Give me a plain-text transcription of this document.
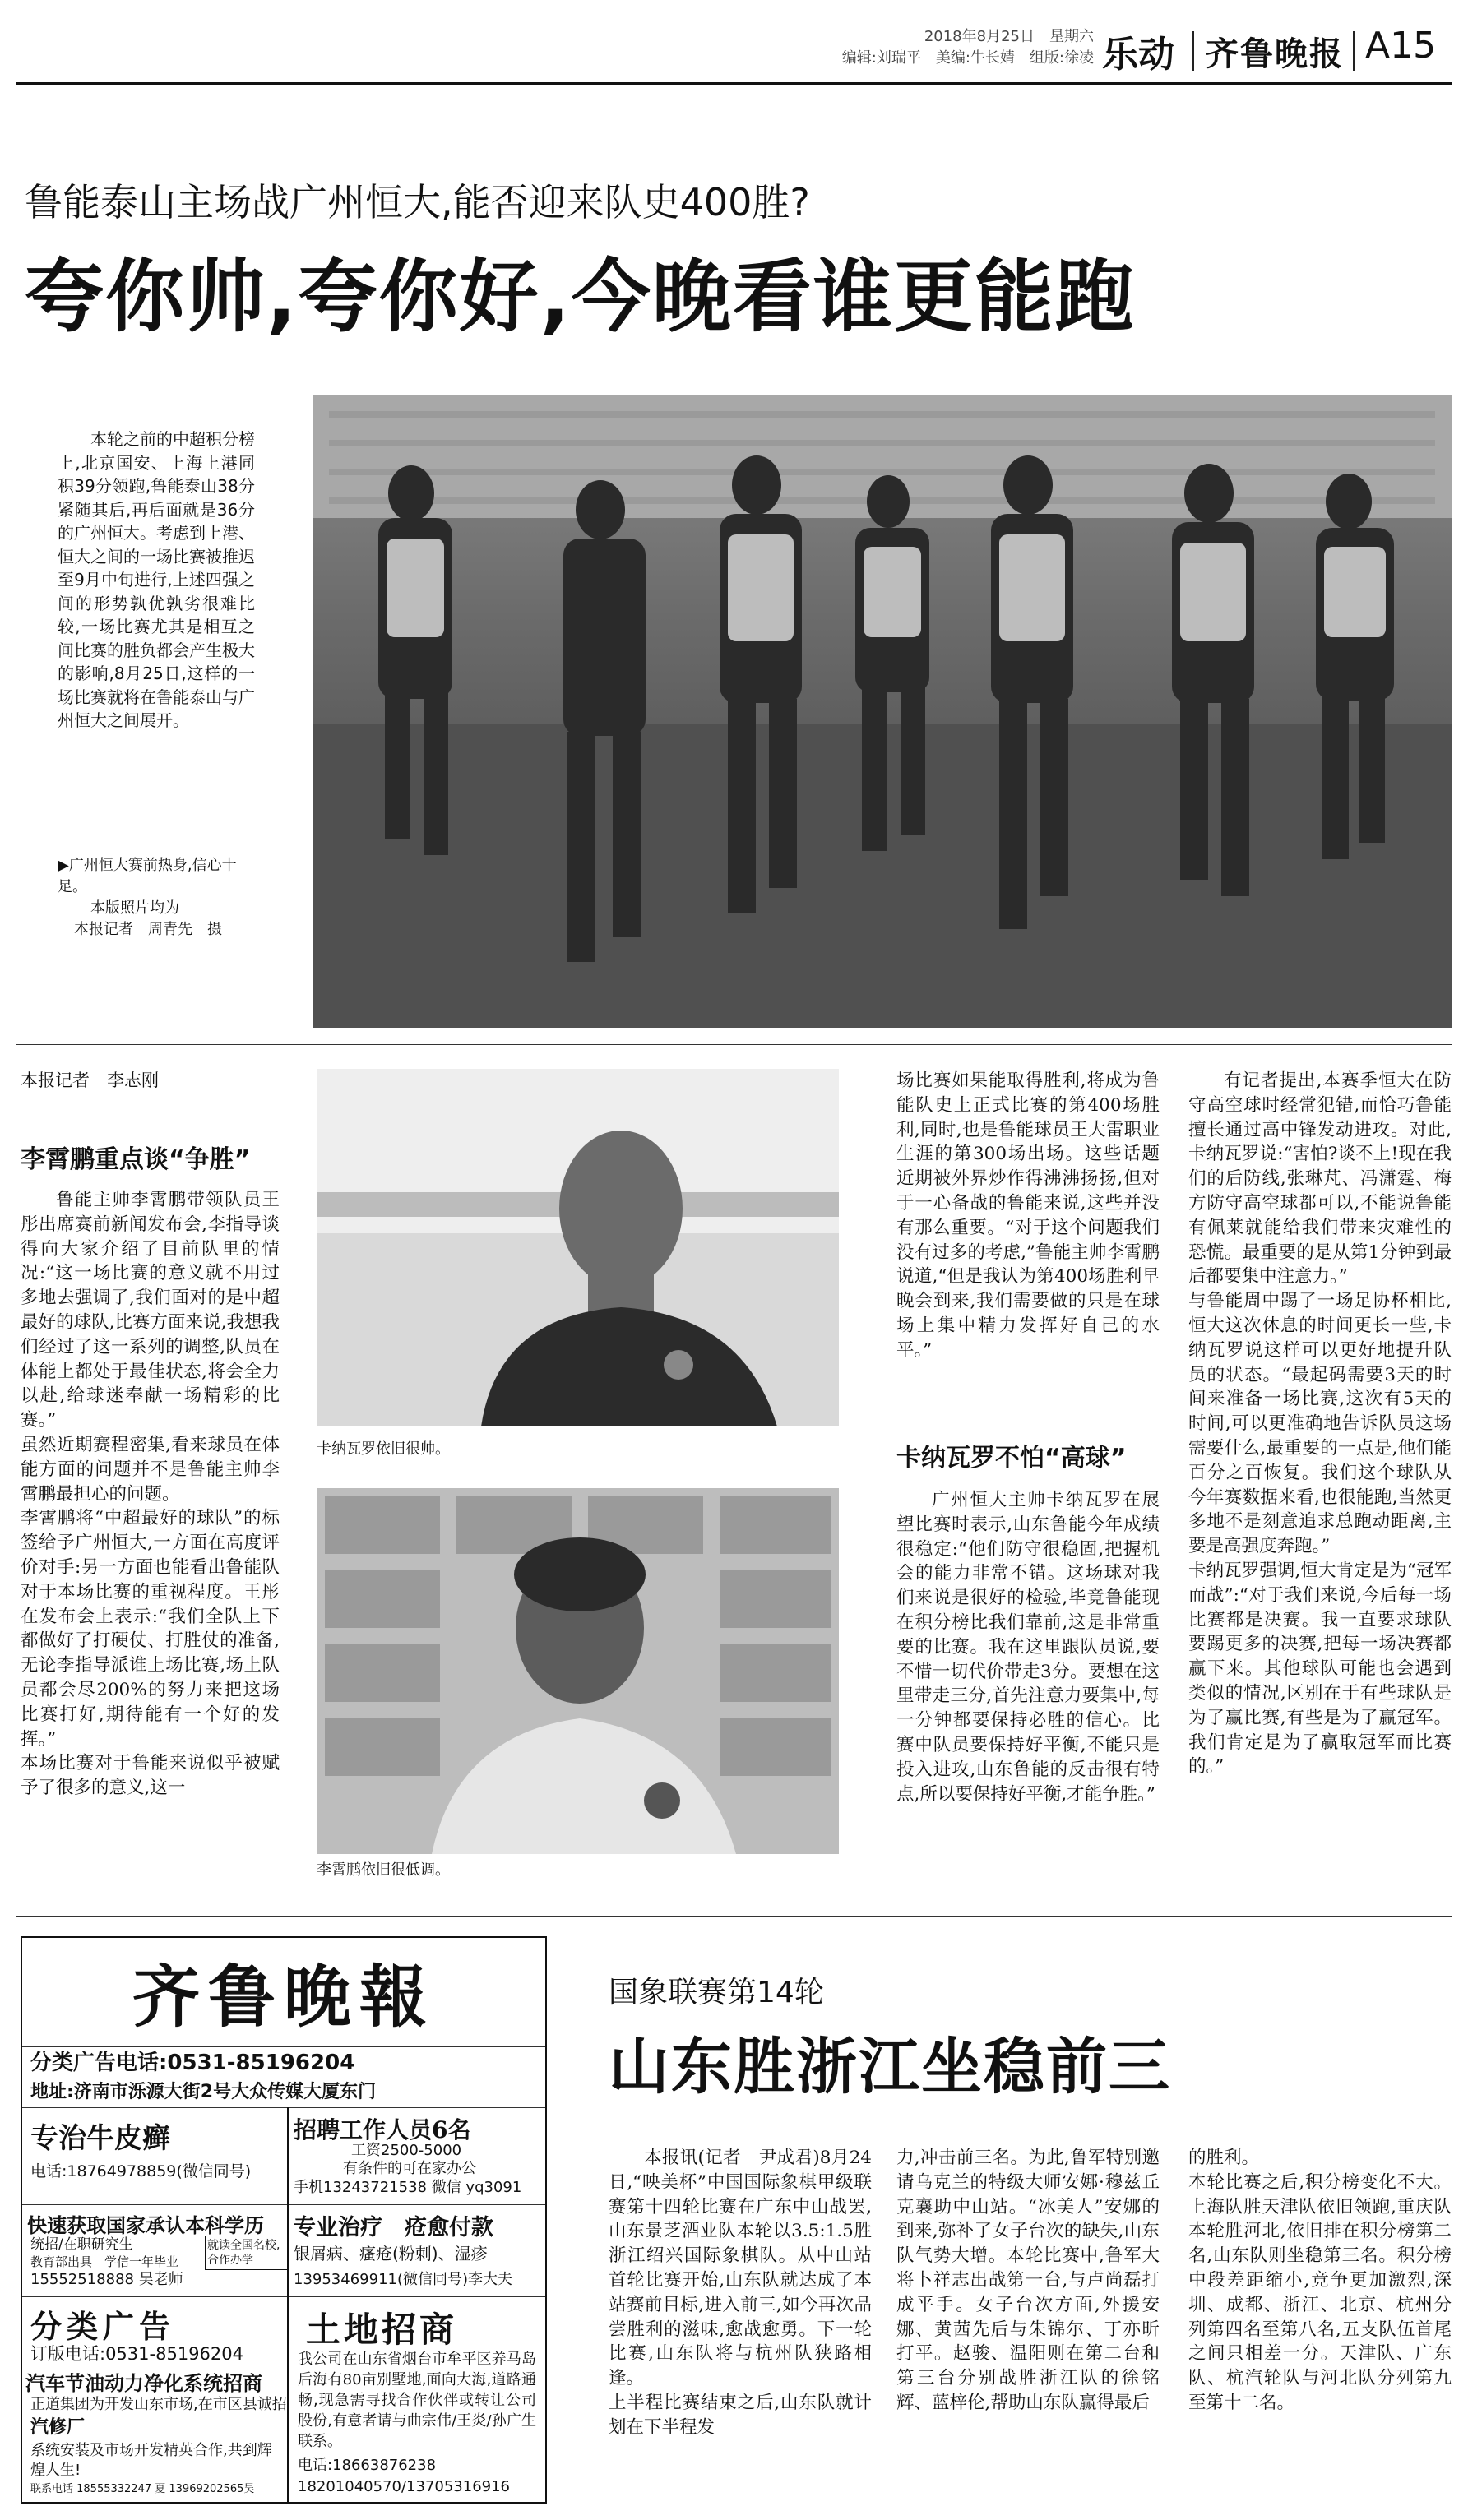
2018年8月25日　 星期六
编辑:刘瑞平　美编:牛长婧　组版:徐凌 乐动 齐鲁晚报 A15
鲁能泰山主场战广州恒大,能否迎来队史400胜?
夸你帅,夸你好,今晚看谁更能跑
本轮之前的中超积分榜上,北京国安、上海上港同积39分领跑,鲁能泰山38分紧随其后,再后面就是36分的广州恒大。考虑到上港、恒大之间的一场比赛被推迟至9月中旬进行,上述四强之间的形势孰优孰劣很难比较,一场比赛尤其是相互之间比赛的胜负都会产生极大的影响,8月25日,这样的一场比赛就将在鲁能泰山与广州恒大之间展开。
▶广州恒大赛前热身,信心十足。
本版照片均为
本报记者　周青先　摄
本报记者　李志刚
李霄鹏重点谈“争胜”
鲁能主帅李霄鹏带领队员王彤出席赛前新闻发布会,李指导谈得向大家介绍了目前队里的情况:“这一场比赛的意义就不用过多地去强调了,我们面对的是中超最好的球队,比赛方面来说,我想我们经过了这一系列的调整,队员在体能上都处于最佳状态,将会全力以赴,给球迷奉献一场精彩的比赛。”
虽然近期赛程密集,看来球员在体能方面的问题并不是鲁能主帅李霄鹏最担心的问题。
李霄鹏将“中超最好的球队”的标签给予广州恒大,一方面在高度评价对手:另一方面也能看出鲁能队对于本场比赛的重视程度。王彤在发布会上表示:“我们全队上下都做好了打硬仗、打胜仗的准备,无论李指导派谁上场比赛,场上队员都会尽200%的努力来把这场比赛打好,期待能有一个好的发挥。”
本场比赛对于鲁能来说似乎被赋予了很多的意义,这一
卡纳瓦罗依旧很帅。
李霄鹏依旧很低调。
场比赛如果能取得胜利,将成为鲁能队史上正式比赛的第400场胜利,同时,也是鲁能球员王大雷职业生涯的第300场出场。这些话题近期被外界炒作得沸沸扬扬,但对于一心备战的鲁能来说,这些并没有那么重要。“对于这个问题我们没有过多的考虑,”鲁能主帅李霄鹏说道,“但是我认为第400场胜利早晚会到来,我们需要做的只是在球场上集中精力发挥好自己的水平。”
卡纳瓦罗不怕“高球”
广州恒大主帅卡纳瓦罗在展望比赛时表示,山东鲁能今年成绩很稳定:“他们防守很稳固,把握机会的能力非常不错。这场球对我们来说是很好的检验,毕竟鲁能现在积分榜比我们靠前,这是非常重要的比赛。我在这里跟队员说,要不惜一切代价带走3分。要想在这里带走三分,首先注意力要集中,每一分钟都要保持必胜的信心。比赛中队员要保持好平衡,不能只是投入进攻,山东鲁能的反击很有特点,所以要保持好平衡,才能争胜。”
有记者提出,本赛季恒大在防守高空球时经常犯错,而恰巧鲁能擅长通过高中锋发动进攻。对此,卡纳瓦罗说:“害怕?谈不上!现在我们的后防线,张琳芃、冯潇霆、梅方防守高空球都可以,不能说鲁能有佩莱就能给我们带来灾难性的恐慌。最重要的是从第1分钟到最后都要集中注意力。”
与鲁能周中踢了一场足协杯相比,恒大这次休息的时间更长一些,卡纳瓦罗说这样可以更好地提升队员的状态。“最起码需要3天的时间来准备一场比赛,这次有5天的时间,可以更准确地告诉队员这场需要什么,最重要的一点是,他们能百分之百恢复。我们这个球队从今年赛数据来看,也很能跑,当然更多地不是刻意追求总跑动距离,主要是高强度奔跑。”
卡纳瓦罗强调,恒大肯定是为“冠军而战”:“对于我们来说,今后每一场比赛都是决赛。我一直要求球队要踢更多的决赛,把每一场决赛都赢下来。其他球队可能也会遇到类似的情况,区别在于有些球队是为了赢比赛,有些是为了赢冠军。我们肯定是为了赢取冠军而比赛的。”
齐鲁晚報
分类广告电话:0531-85196204
地址:济南市泺源大街2号大众传媒大厦东门
专治牛皮癣
电话:18764978859(微信同号)
招聘工作人员6名
工资2500-5000
有条件的可在家办公
手机13243721538 微信 yq3091
快速获取国家承认本科学历
统招/在职研究生
教育部出具　学信一年毕业
15552518888 吴老师
就读全国名校,合作办学
专业治疗　疮愈付款
银屑病、瘙疮(粉刺)、湿疹
13953469911(微信同号)李大夫
分类广告
订版电话:0531-85196204
汽车节油动力净化系统招商
正道集团为开发山东市场,在市区县诚招
汽修厂
系统安装及市场开发精英合作,共到辉煌人生!
联系电话 18555332247 夏 13969202565吴
土地招商
我公司在山东省烟台市牟平区养马岛后海有80亩别墅地,面向大海,道路通畅,现急需寻找合作伙伴或转让公司股份,有意者请与曲宗伟/王炎/孙广生联系。
电话:18663876238
18201040570/13705316916
国象联赛第14轮
山东胜浙江坐稳前三
本报讯(记者　尹成君)8月24日,“映美杯”中国国际象棋甲级联赛第十四轮比赛在广东中山战罢,山东景芝酒业队本轮以3.5:1.5胜浙江绍兴国际象棋队。从中山站首轮比赛开始,山东队就达成了本站赛前目标,进入前三,如今再次品尝胜利的滋味,愈战愈勇。下一轮比赛,山东队将与杭州队狭路相逢。
上半程比赛结束之后,山东队就计划在下半程发
力,冲击前三名。为此,鲁军特别邀请乌克兰的特级大师安娜·穆兹丘克襄助中山站。“冰美人”安娜的到来,弥补了女子台次的缺失,山东队气势大增。本轮比赛中,鲁军大将卜祥志出战第一台,与卢尚磊打成平手。女子台次方面,外援安娜、黄茜先后与朱锦尔、丁亦昕打平。赵骏、温阳则在第二台和第三台分别战胜浙江队的徐铭辉、蓝梓伦,帮助山东队赢得最后
的胜利。
本轮比赛之后,积分榜变化不大。上海队胜天津队依旧领跑,重庆队本轮胜河北,依旧排在积分榜第二名,山东队则坐稳第三名。积分榜中段差距缩小,竞争更加激烈,深圳、成都、浙江、北京、杭州分列第四名至第八名,五支队伍首尾之间只相差一分。天津队、广东队、杭汽轮队与河北队分列第九至第十二名。
